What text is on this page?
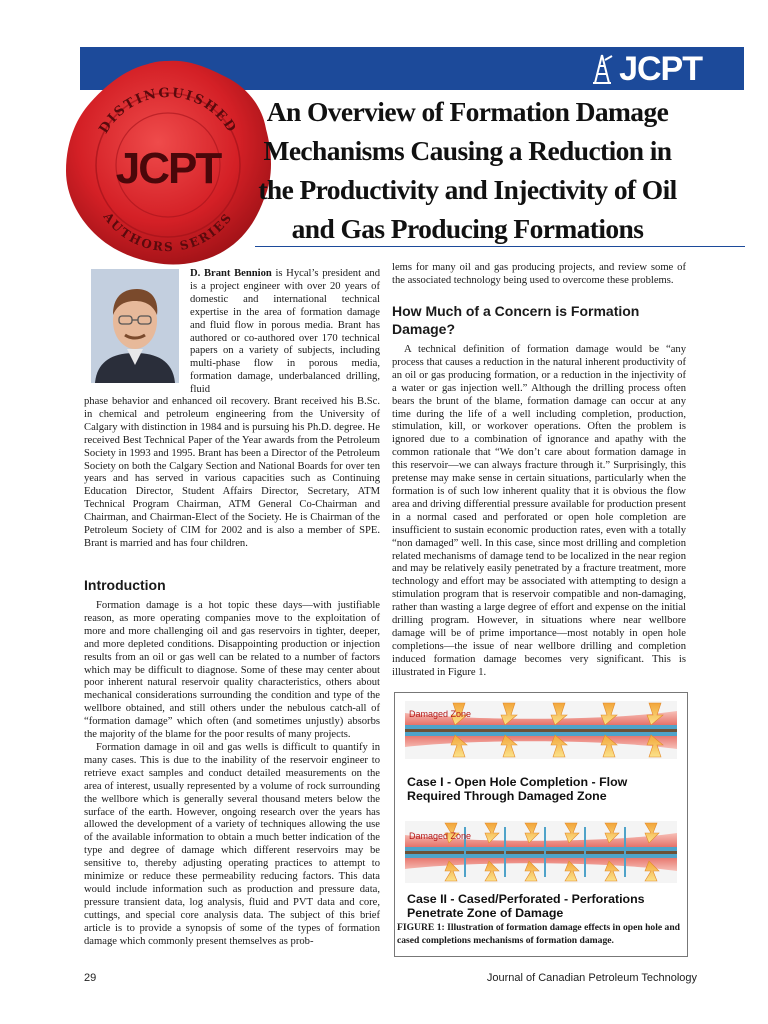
JCPT
DISTINGUISHED
JCPT
AUTHORS SERIES
An Overview of Formation Damage Mechanisms Causing a Reduction in the Productivity and Injectivity of Oil and Gas Producing Formations

D. Brant Bennion is Hycal’s president and is a project engineer with over 20 years of domestic and international technical expertise in the area of formation damage and fluid flow in porous media. Brant has authored or co-authored over 170 technical papers on a variety of subjects, including multi-phase flow in porous media, formation damage, underbalanced drilling, fluid

phase behavior and enhanced oil recovery. Brant received his B.Sc. in chemical and petroleum engineering from the University of Calgary with distinction in 1984 and is pursuing his Ph.D. degree. He received Best Technical Paper of the Year awards from the Petroleum Society in 1993 and 1995. Brant has been a Director of the Petroleum Society on both the Calgary Section and National Boards for over ten years and has served in various capacities such as Continuing Education Director, Student Affairs Director, Secretary, ATM Technical Program Chairman, ATM General Co-Chairman and Chairman, and Chairman-Elect of the Society. He is Chairman of the Petroleum Society of CIM for 2002 and is also a member of SPE. Brant is married and has four children.

Introduction

Formation damage is a hot topic these days—with justifiable reason, as more operating companies move to the exploitation of more and more challenging oil and gas reservoirs in tighter, deeper, and more depleted conditions. Disappointing production or injection results from an oil or gas well can be related to a number of factors which may be difficult to diagnose. Some of these may center about poor inherent natural reservoir quality characteristics, others about mechanical considerations surrounding the condition and type of the wellbore obtained, and still others under the nebulous catch-all of “formation damage” which often (and sometimes unjustly) absorbs the majority of the blame for the poor results of many projects.

Formation damage in oil and gas wells is difficult to quantify in many cases. This is due to the inability of the reservoir engineer to retrieve exact samples and conduct detailed measurements on the area of interest, usually represented by a volume of rock surrounding the wellbore which is generally several thousand meters below the surface of the earth. However, ongoing research over the years has allowed the development of a variety of techniques allowing the use of the available information to obtain a much better indication of the type and degree of damage which different reservoirs may be sensitive to, thereby adjusting operating practices to attempt to minimize or reduce these permeability reducing factors. This data would include information such as production and pressure data, pressure transient data, log analysis, fluid and PVT data and core, cuttings, and special core analysis data. The subject of this brief article is to provide a synopsis of some of the types of formation damage which commonly present themselves as prob-

lems for many oil and gas producing projects, and review some of the associated technology being used to overcome these problems.

How Much of a Concern is Formation Damage?

A technical definition of formation damage would be “any process that causes a reduction in the natural inherent productivity of an oil or gas producing formation, or a reduction in the injectivity of a water or gas injection well.” Although the drilling process often bears the brunt of the blame, formation damage can occur at any time during the life of a well including completion, production, stimulation, kill, or workover operations. Often the problem is ignored due to a combination of ignorance and apathy with the common rationale that “We don’t care about formation damage in this reservoir—we can always fracture through it.” Surprisingly, this pretense may make sense in certain situations, particularly when the formation is of such low inherent quality that it is obvious the flow area and driving differential pressure available for production present in a normal cased and perforated or open hole completion are insufficient to sustain economic production rates, even with a totally “non damaged” well. In this case, since most drilling and completion related mechanisms of damage tend to be localized in the near region and may be relatively easily penetrated by a fracture treatment, more technology and effort may be associated with attempting to design a stimulation program that is reservoir compatible and non-damaging, rather than wasting a large degree of effort and expense on the initial drilling program. However, in situations where near wellbore damage will be of prime importance—most notably in open hole completions—the issue of near wellbore drilling and completion induced formation damage becomes very significant. This is illustrated in Figure 1.

Damaged Zone
Case I - Open Hole Completion - Flow Required Through Damaged Zone
Damaged Zone
Case II - Cased/Perforated - Perforations Penetrate Zone of Damage
FIGURE 1: Illustration of formation damage effects in open hole and cased completions mechanisms of formation damage.
29	Journal of Canadian Petroleum Technology
